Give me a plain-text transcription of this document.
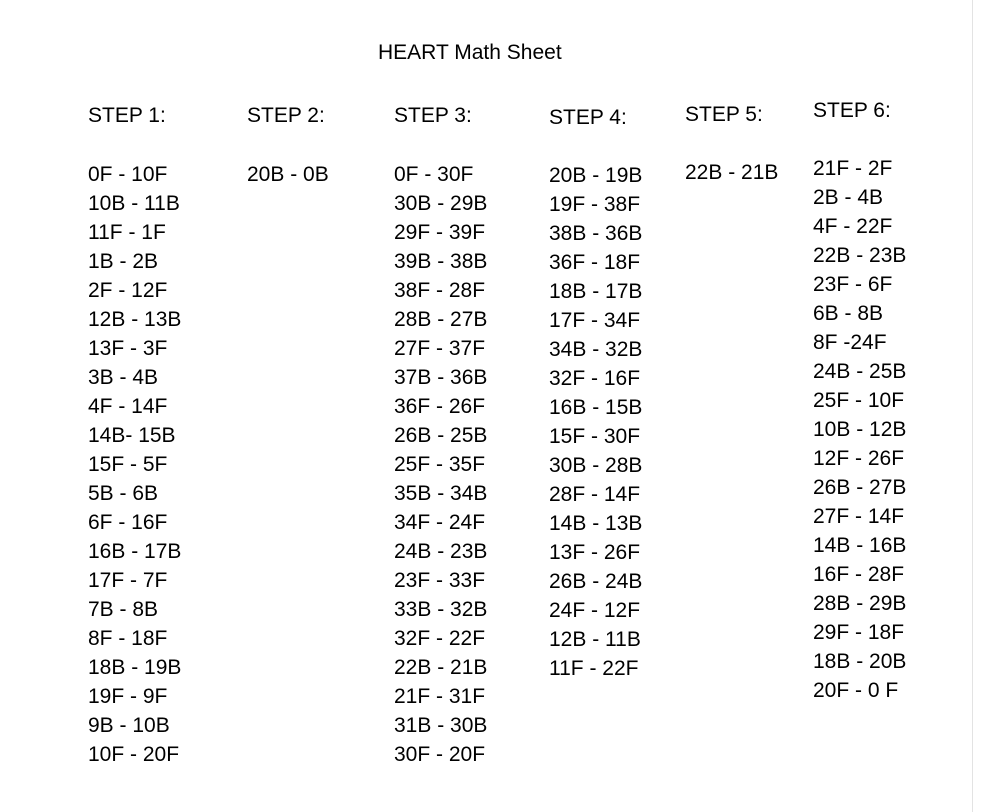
HEART Math Sheet
STEP 1:
0F - 10F
10B - 11B
11F - 1F
1B - 2B
2F - 12F
12B - 13B
13F - 3F
3B - 4B
4F - 14F
14B- 15B
15F - 5F
5B - 6B
6F - 16F
16B - 17B
17F - 7F
7B - 8B
8F - 18F
18B - 19B
19F - 9F
9B - 10B
10F - 20F
STEP 2:
20B - 0B
STEP 3:
0F - 30F
30B - 29B
29F - 39F
39B - 38B
38F - 28F
28B - 27B
27F - 37F
37B - 36B
36F - 26F
26B - 25B
25F - 35F
35B - 34B
34F - 24F
24B - 23B
23F - 33F
33B - 32B
32F - 22F
22B - 21B
21F - 31F
31B - 30B
30F - 20F
STEP 4:
20B - 19B
19F - 38F
38B - 36B
36F - 18F
18B - 17B
17F - 34F
34B - 32B
32F - 16F
16B - 15B
15F - 30F
30B - 28B
28F - 14F
14B - 13B
13F - 26F
26B - 24B
24F - 12F
12B - 11B
11F - 22F
STEP 5:
22B - 21B
STEP 6:
21F - 2F
2B - 4B
4F - 22F
22B - 23B
23F - 6F
6B - 8B
8F -24F
24B - 25B
25F - 10F
10B - 12B
12F - 26F
26B - 27B
27F - 14F
14B - 16B
16F - 28F
28B - 29B
29F - 18F
18B - 20B
20F - 0 F
